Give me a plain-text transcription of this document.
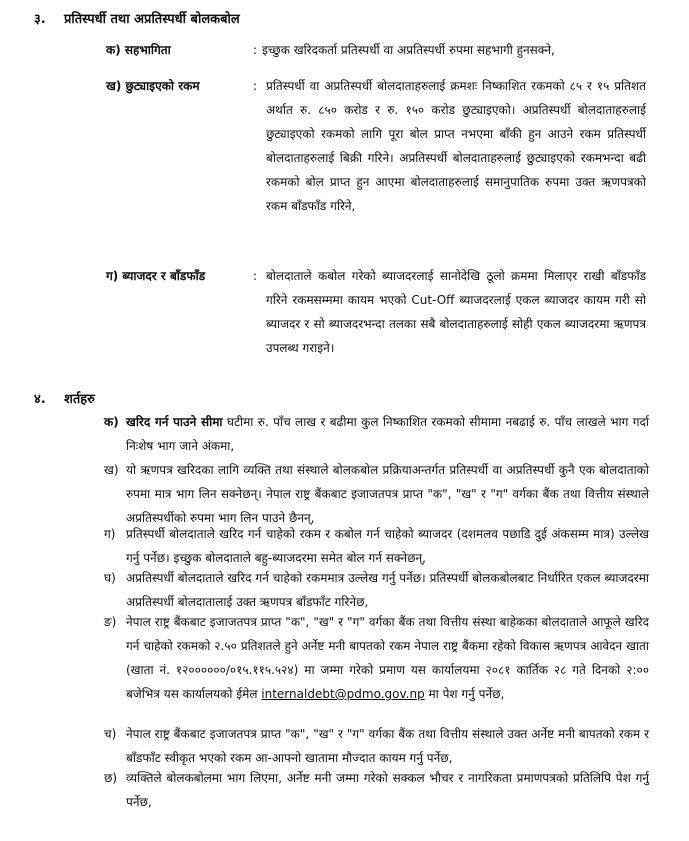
३.	प्रतिस्पर्धी तथा अप्रतिस्पर्धी बोलकबोल
क) सहभागिता	: इच्छुक खरिदकर्ता प्रतिस्पर्धी वा अप्रतिस्पर्धी रुपमा सहभागी हुनसक्ने,
ख) छुट्याइएको रकम	: प्रतिस्पर्धी वा अप्रतिस्पर्धी बोलदाताहरुलाई क्रमशः निष्काशित रकमको ८५ र १५ प्रतिशत अर्थात रु. ८५० करोड र रु. १५० करोड छुट्याइएको। अप्रतिस्पर्धी बोलदाताहरुलाई छुट्याइएको रकमको लागि पूरा बोल प्राप्त नभएमा बाँकी हुन आउने रकम प्रतिस्पर्धी बोलदाताहरुलाई बिक्री गरिने। अप्रतिस्पर्धी बोलदाताहरुलाई छुट्याइएको रकमभन्दा बढी रकमको बोल प्राप्त हुन आएमा बोलदाताहरुलाई समानुपातिक रुपमा उक्त ऋणपत्रको रकम बाँडफाँड गरिने,
ग) ब्याजदर र बाँडफाँड	: बोलदाताले कबोल गरेको ब्याजदरलाई सानोदेखि ठूलो क्रममा मिलाएर राखी बाँडफाँड गरिने रकमसम्ममा कायम भएको Cut-Off ब्याजदरलाई एकल ब्याजदर कायम गरी सो ब्याजदर र सो ब्याजदरभन्दा तलका सबै बोलदाताहरुलाई सोही एकल ब्याजदरमा ऋणपत्र उपलब्ध गराइने।
४.	शर्तहरु
क) खरिद गर्न पाउने सीमा घटीमा रु. पाँच लाख र बढीमा कुल निष्काशित रकमको सीमामा नबढाई रु. पाँच लाखले भाग गर्दा निःशेष भाग जाने अंकमा,
ख) यो ऋणपत्र खरिदका लागि व्यक्ति तथा संस्थाले बोलकबोल प्रक्रियाअन्तर्गत प्रतिस्पर्धी वा अप्रतिस्पर्धी कुनै एक बोलदाताको रुपमा मात्र भाग लिन सक्नेछन्। नेपाल राष्ट्र बैंकबाट इजाजतपत्र प्राप्त "क", "ख" र "ग" वर्गका बैंक तथा वित्तीय संस्थाले अप्रतिस्पर्धीको रुपमा भाग लिन पाउने छैनन्,
ग) प्रतिस्पर्धी बोलदाताले खरिद गर्न चाहेको रकम र कबोल गर्न चाहेको ब्याजदर (दशमलव पछाडि दुई अंकसम्म मात्र) उल्लेख गर्नु पर्नेछ। इच्छुक बोलदाताले बहु-ब्याजदरमा समेत बोल गर्न सक्नेछन्,
घ) अप्रतिस्पर्धी बोलदाताले खरिद गर्न चाहेको रकममात्र उल्लेख गर्नु पर्नेछ। प्रतिस्पर्धी बोलकबोलबाट निर्धारित एकल ब्याजदरमा अप्रतिस्पर्धी बोलदातालाई उक्त ऋणपत्र बाँडफाँट गरिनेछ,
ङ) नेपाल राष्ट्र बैंकबाट इजाजतपत्र प्राप्त "क", "ख" र "ग" वर्गका बैंक तथा वित्तीय संस्था बाहेकका बोलदाताले आफूले खरिद गर्न चाहेको रकमको २.५० प्रतिशतले हुने अर्नेष्ट मनी बापतको रकम नेपाल राष्ट्र बैंकमा रहेको विकास ऋणपत्र आवेदन खाता (खाता नं. १२००००००/०१५.११५.५२४) मा जम्मा गरेको प्रमाण यस कार्यालयमा २०८१ कार्तिक २८ गते दिनको २:०० बजेभित्र यस कार्यालयको ईमेल internaldebt@pdmo.gov.np मा पेश गर्नु पर्नेछ,
च) नेपाल राष्ट्र बैंकबाट इजाजतपत्र प्राप्त "क", "ख" र "ग" वर्गका बैंक तथा वित्तीय संस्थाले उक्त अर्नेष्ट मनी बापतको रकम र बाँडफाँट स्वीकृत भएको रकम आ-आफ्नो खातामा मौज्दात कायम गर्नु पर्नेछ,
छ) व्यक्तिले बोलकबोलमा भाग लिएमा, अर्नेष्ट मनी जम्मा गरेको सक्कल भौचर र नागरिकता प्रमाणपत्रको प्रतिलिपि पेश गर्नु पर्नेछ,
